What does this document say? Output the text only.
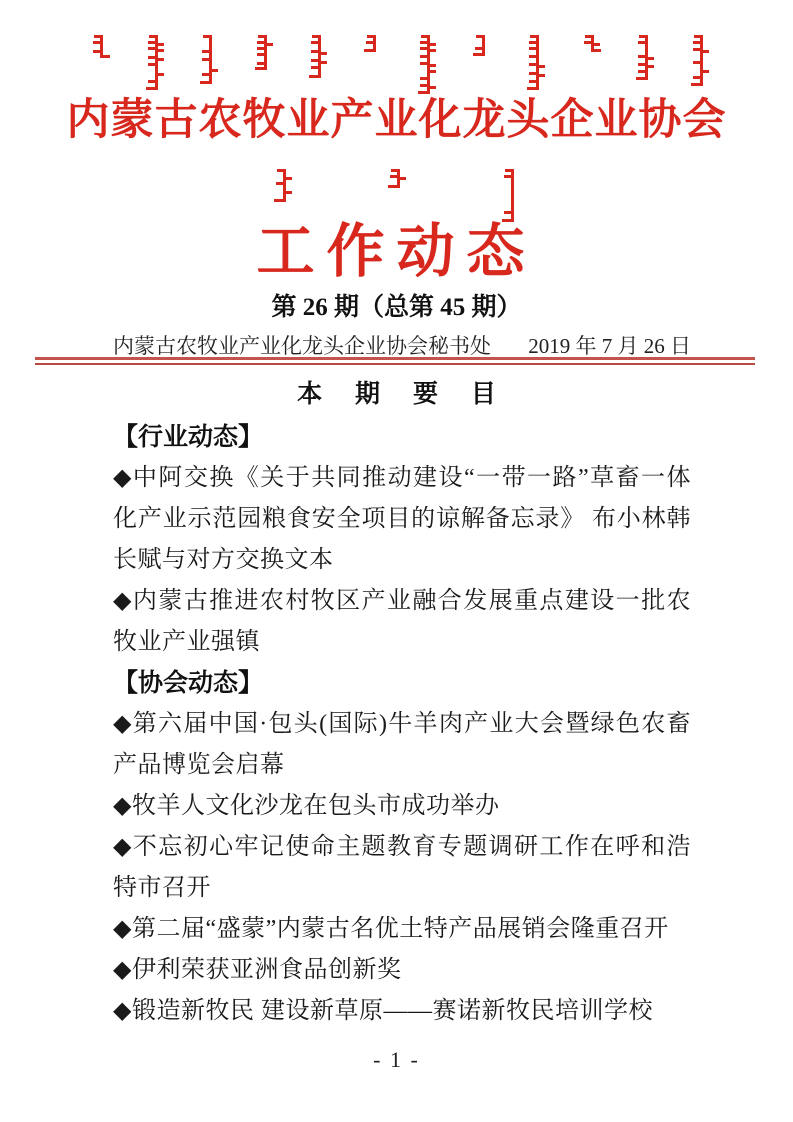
内蒙古农牧业产业化龙头企业协会
工作动态
第 26 期（总第 45 期）
内蒙古农牧业产业化龙头企业协会秘书处 2019 年 7 月 26 日
本 期 要 目

【行业动态】

◆中阿交换《关于共同推动建设“一带一路”草畜一体化产业示范园粮食安全项目的谅解备忘录》 布小林韩长赋与对方交换文本

◆内蒙古推进农村牧区产业融合发展重点建设一批农牧业产业强镇

【协会动态】

◆第六届中国·包头(国际)牛羊肉产业大会暨绿色农畜产品博览会启幕

◆牧羊人文化沙龙在包头市成功举办

◆不忘初心牢记使命主题教育专题调研工作在呼和浩特市召开

◆第二届“盛蒙”内蒙古名优土特产品展销会隆重召开

◆伊利荣获亚洲食品创新奖

◆锻造新牧民 建设新草原——赛诺新牧民培训学校

- 1 -
